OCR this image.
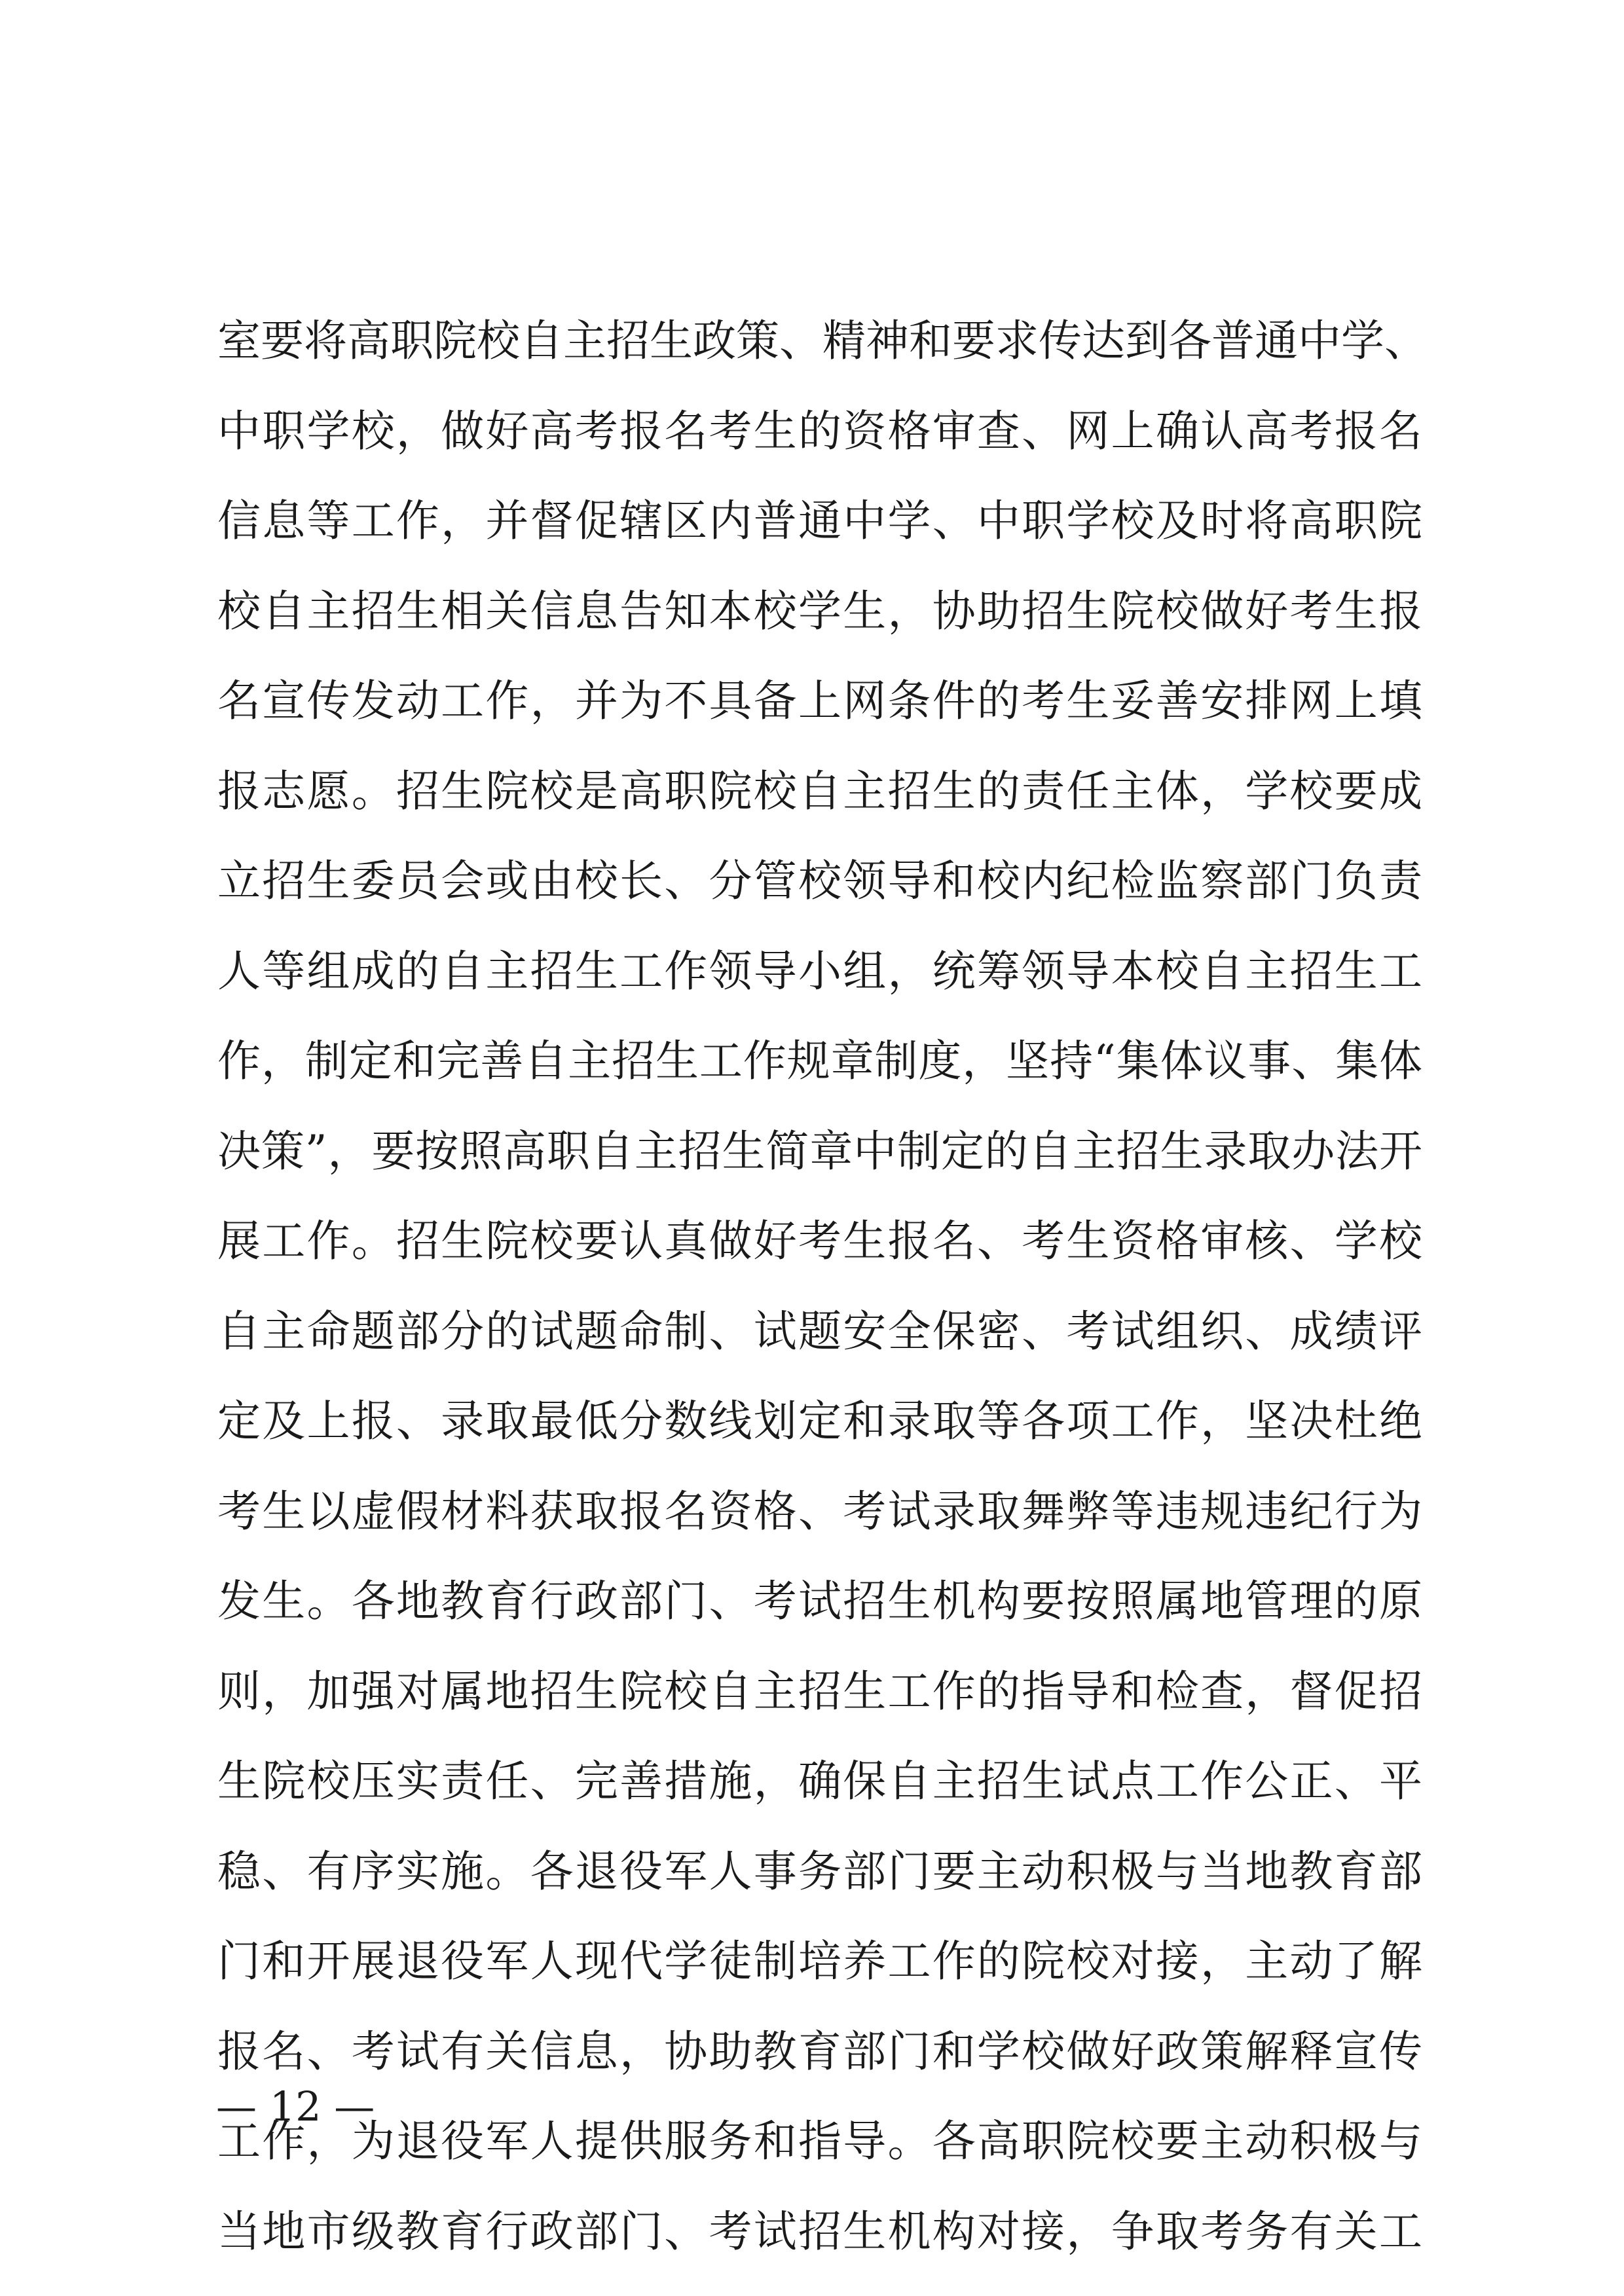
室要将高职院校自主招生政策、精神和要求传达到各普通中学、
中职学校，做好高考报名考生的资格审查、网上确认高考报名
信息等工作，并督促辖区内普通中学、中职学校及时将高职院
校自主招生相关信息告知本校学生，协助招生院校做好考生报
名宣传发动工作，并为不具备上网条件的考生妥善安排网上填
报志愿。招生院校是高职院校自主招生的责任主体，学校要成
立招生委员会或由校长、分管校领导和校内纪检监察部门负责
人等组成的自主招生工作领导小组，统筹领导本校自主招生工
作，制定和完善自主招生工作规章制度，坚持“集体议事、集体
决策”，要按照高职自主招生简章中制定的自主招生录取办法开
展工作。招生院校要认真做好考生报名、考生资格审核、学校
自主命题部分的试题命制、试题安全保密、考试组织、成绩评
定及上报、录取最低分数线划定和录取等各项工作，坚决杜绝
考生以虚假材料获取报名资格、考试录取舞弊等违规违纪行为
发生。各地教育行政部门、考试招生机构要按照属地管理的原
则，加强对属地招生院校自主招生工作的指导和检查，督促招
生院校压实责任、完善措施，确保自主招生试点工作公正、平
稳、有序实施。各退役军人事务部门要主动积极与当地教育部
门和开展退役军人现代学徒制培养工作的院校对接，主动了解
报名、考试有关信息，协助教育部门和学校做好政策解释宣传
工作，为退役军人提供服务和指导。各高职院校要主动积极与
当地市级教育行政部门、考试招生机构对接，争取考务有关工
— 12 —
